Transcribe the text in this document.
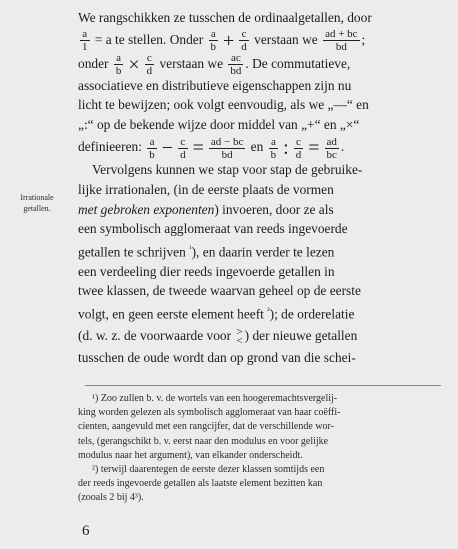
Irrationale
getallen.
We rangschikken ze tusschen de ordinaalgetallen, door
$\frac{a}{1} = a$ te stellen. Onder $\frac{a}{b} + \frac{c}{d}$ verstaan we $\frac{ad + bc}{bd}$ ;
onder $\frac{a}{b} \times \frac{c}{d}$ verstaan we $\frac{ac}{bd}$ . De commutatieve,
associatieve en distributieve eigenschappen zijn nu
licht te bewijzen; ook volgt eenvoudig, als we „—“ en
„:“ op de bekende wijze door middel van „+“ en „×“
definieeren: $\frac{a}{b} - \frac{c}{d} = \frac{ad - bc}{bd}$ en $\frac{a}{b}$ : $\frac{c}{d} = \frac{ad}{bc}$ .
Vervolgens kunnen we stap voor stap de gebruike-
lijke irrationalen, (in de eerste plaats de vormen
met gebroken exponenten) invoeren, door ze als
een symbolisch agglomeraat van reeds ingevoerde
getallen te schrijven $^{^1}$), en daarin verder te lezen
een verdeeling dier reeds ingevoerde getallen in
twee klassen, de tweede waarvan geheel op de eerste
volgt, en geen eerste element heeft $^{^2}$); de orderelatie
(d. w. z. de voorwaarde voor >
< ) der nieuwe getallen
tusschen de oude wordt dan op grond van die schei-

¹) Zoo zullen b. v. de wortels van een hoogeremachtsvergelij-
king worden gelezen als symbolisch agglomeraat van haar coëffi-
cienten, aangevuld met een rangcijfer, dat de verschillende wor-
tels, (gerangschikt b. v. eerst naar den modulus en voor gelijke
modulus naar het argument), van elkander onderscheidt.

²) terwijl daarentegen de eerste dezer klassen somtijds een
der reeds ingevoerde getallen als laatste element bezitten kan
(zooals 2 bij 4³).

6
